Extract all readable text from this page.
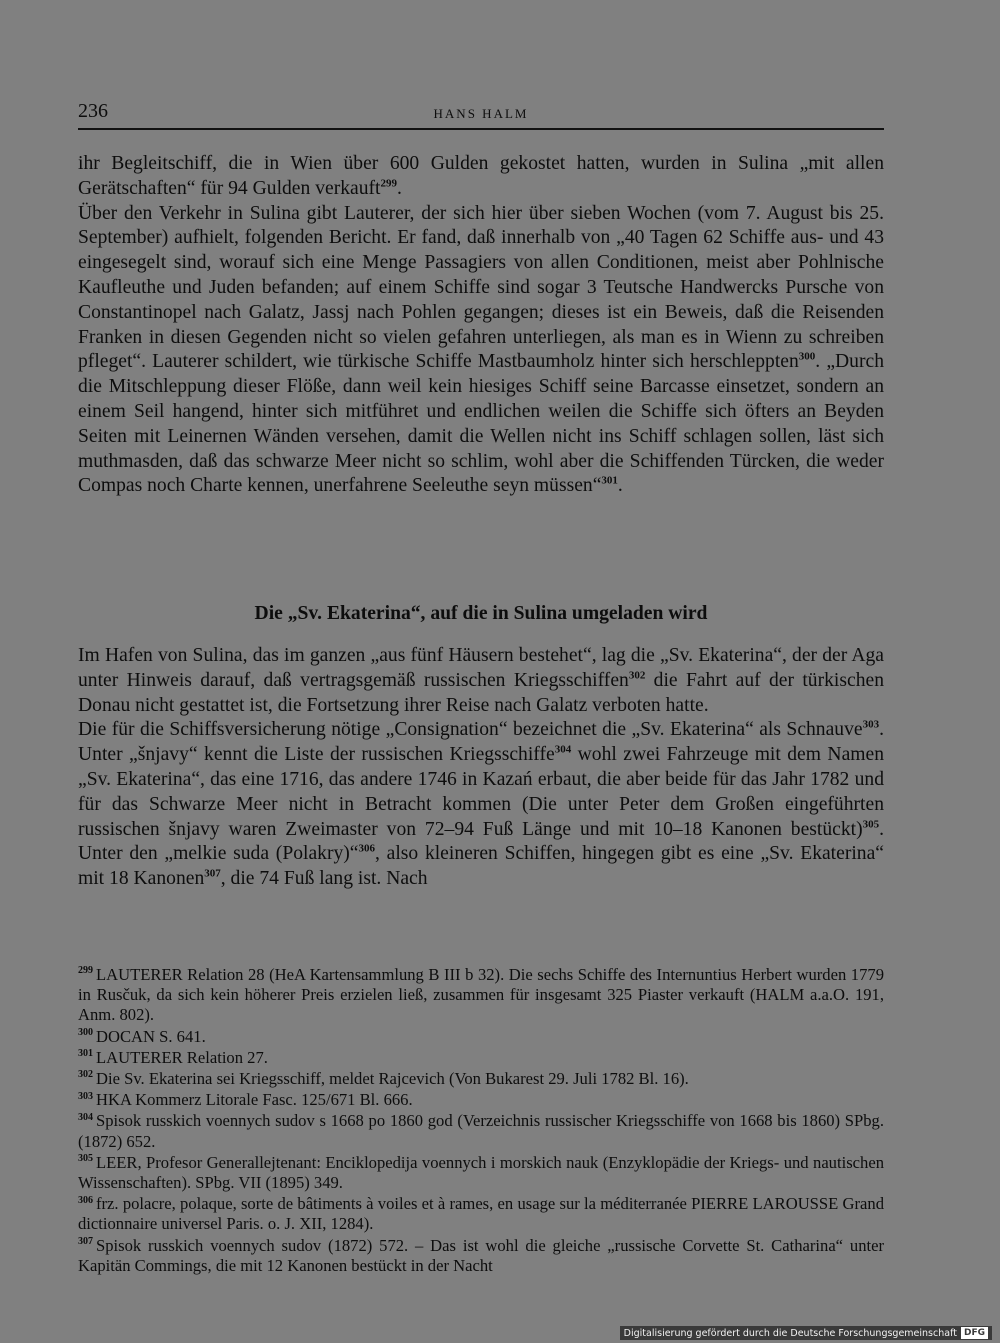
236	HANS HALM

ihr Begleitschiff, die in Wien über 600 Gulden gekostet hatten, wurden in Sulina „mit allen Gerätschaften“ für 94 Gulden verkauft$^{299}$.

Über den Verkehr in Sulina gibt Lauterer, der sich hier über sieben Wochen (vom 7. August bis 25. September) aufhielt, folgenden Bericht. Er fand, daß innerhalb von „40 Tagen 62 Schiffe aus- und 43 eingesegelt sind, worauf sich eine Menge Passagiers von allen Conditionen, meist aber Pohlnische Kaufleuthe und Juden befanden; auf einem Schiffe sind sogar 3 Teutsche Handwercks Pursche von Constantinopel nach Galatz, Jassj nach Pohlen gegangen; dieses ist ein Beweis, daß die Reisenden Franken in diesen Gegenden nicht so vielen gefahren unterliegen, als man es in Wienn zu schreiben pfleget“. Lauterer schildert, wie türkische Schiffe Mastbaumholz hinter sich herschleppten$^{300}$. „Durch die Mitschleppung dieser Flöße, dann weil kein hiesiges Schiff seine Barcasse einsetzet, sondern an einem Seil hangend, hinter sich mitführet und endlichen weilen die Schiffe sich öfters an Beyden Seiten mit Leinernen Wänden versehen, damit die Wellen nicht ins Schiff schlagen sollen, läst sich muthmasden, daß das schwarze Meer nicht so schlim, wohl aber die Schiffenden Türcken, die weder Compas noch Charte kennen, unerfahrene Seeleuthe seyn müssen“$^{301}$.

Die „Sv. Ekaterina“, auf die in Sulina umgeladen wird

Im Hafen von Sulina, das im ganzen „aus fünf Häusern bestehet“, lag die „Sv. Ekaterina“, der der Aga unter Hinweis darauf, daß vertragsgemäß russischen Kriegsschiffen$^{302}$ die Fahrt auf der türkischen Donau nicht gestattet ist, die Fortsetzung ihrer Reise nach Galatz verboten hatte.

Die für die Schiffsversicherung nötige „Consignation“ bezeichnet die „Sv. Ekaterina“ als Schnauve$^{303}$. Unter „šnjavy“ kennt die Liste der russischen Kriegsschiffe$^{304}$ wohl zwei Fahrzeuge mit dem Namen „Sv. Ekaterina“, das eine 1716, das andere 1746 in Kazań erbaut, die aber beide für das Jahr 1782 und für das Schwarze Meer nicht in Betracht kommen (Die unter Peter dem Großen eingeführten russischen šnjavy waren Zweimaster von 72–94 Fuß Länge und mit 10–18 Kanonen bestückt)$^{305}$. Unter den „melkie suda (Polakry)“$^{306}$, also kleineren Schiffen, hingegen gibt es eine „Sv. Ekaterina“ mit 18 Kanonen$^{307}$, die 74 Fuß lang ist. Nach

$^{299}$ LAUTERER Relation 28 (HeA Kartensammlung B III b 32). Die sechs Schiffe des Internuntius Herbert wurden 1779 in Rusčuk, da sich kein höherer Preis erzielen ließ, zusammen für insgesamt 325 Piaster verkauft (HALM a.a.O. 191, Anm. 802).

$^{300}$ DOCAN S. 641.

$^{301}$ LAUTERER Relation 27.

$^{302}$ Die Sv. Ekaterina sei Kriegsschiff, meldet Rajcevich (Von Bukarest 29. Juli 1782 Bl. 16).

$^{303}$ HKA Kommerz Litorale Fasc. 125/671 Bl. 666.

$^{304}$ Spisok russkich voennych sudov s 1668 po 1860 god (Verzeichnis russischer Kriegsschiffe von 1668 bis 1860) SPbg. (1872) 652.

$^{305}$ LEER, Profesor Generallejtenant: Enciklopedija voennych i morskich nauk (Enzyklopädie der Kriegs- und nautischen Wissenschaften). SPbg. VII (1895) 349.

$^{306}$ frz. polacre, polaque, sorte de bâtiments à voiles et à rames, en usage sur la méditerranée PIERRE LAROUSSE Grand dictionnaire universel Paris. o. J. XII, 1284).

$^{307}$ Spisok russkich voennych sudov (1872) 572. – Das ist wohl die gleiche „russische Corvette St. Catharina“ unter Kapitän Commings, die mit 12 Kanonen bestückt in der Nacht

Digitalisierung gefördert durch die Deutsche Forschungsgemeinschaft DFG
